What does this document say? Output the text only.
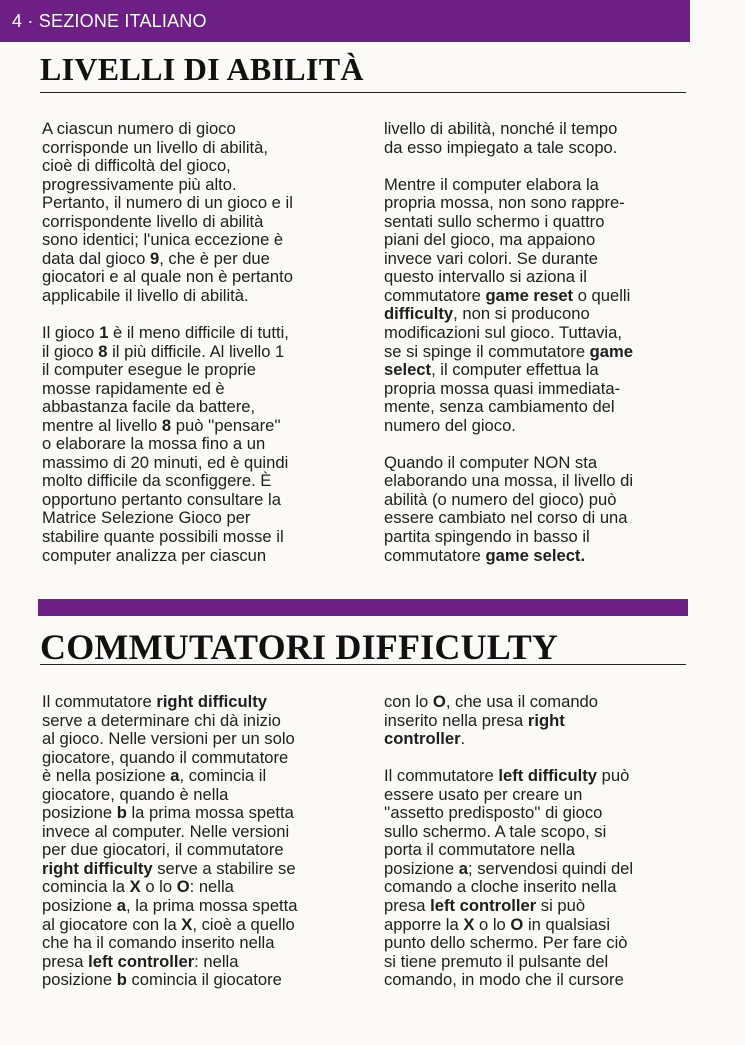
4 · SEZIONE ITALIANO
LIVELLI DI ABILITÀ
A ciascun numero di gioco
corrisponde un livello di abilità,
cioè di difficoltà del gioco,
progressivamente più alto.
Pertanto, il numero di un gioco e il
corrispondente livello di abilità
sono identici; l'unica eccezione è
data dal gioco 9, che è per due
giocatori e al quale non è pertanto
applicabile il livello di abilità.
Il gioco 1 è il meno difficile di tutti,
il gioco 8 il più difficile. Al livello 1
il computer esegue le proprie
mosse rapidamente ed è
abbastanza facile da battere,
mentre al livello 8 può ''pensare''
o elaborare la mossa fino a un
massimo di 20 minuti, ed è quindi
molto difficile da sconfiggere. È
opportuno pertanto consultare la
Matrice Selezione Gioco per
stabilire quante possibili mosse il
computer analizza per ciascun
livello di abilità, nonché il tempo
da esso impiegato a tale scopo.
Mentre il computer elabora la
propria mossa, non sono rappre-
sentati sullo schermo i quattro
piani del gioco, ma appaiono
invece vari colori. Se durante
questo intervallo si aziona il
commutatore game reset o quelli
difficulty, non si producono
modificazioni sul gioco. Tuttavia,
se si spinge il commutatore game
select, il computer effettua la
propria mossa quasi immediata-
mente, senza cambiamento del
numero del gioco.
Quando il computer NON sta
elaborando una mossa, il livello di
abilità (o numero del gioco) può
essere cambiato nel corso di una
partita spingendo in basso il
commutatore game select.
COMMUTATORI DIFFICULTY
Il commutatore right difficulty
serve a determinare chi dà inizio
al gioco. Nelle versioni per un solo
giocatore, quando il commutatore
è nella posizione a, comincia il
giocatore, quando è nella
posizione b la prima mossa spetta
invece al computer. Nelle versioni
per due giocatori, il commutatore
right difficulty serve a stabilire se
comincia la X o lo O: nella
posizione a, la prima mossa spetta
al giocatore con la X, cioè a quello
che ha il comando inserito nella
presa left controller: nella
posizione b comincia il giocatore
con lo O, che usa il comando
inserito nella presa right
controller.
Il commutatore left difficulty può
essere usato per creare un
''assetto predisposto'' di gioco
sullo schermo. A tale scopo, si
porta il commutatore nella
posizione a; servendosi quindi del
comando a cloche inserito nella
presa left controller si può
apporre la X o lo O in qualsiasi
punto dello schermo. Per fare ciò
si tiene premuto il pulsante del
comando, in modo che il cursore
